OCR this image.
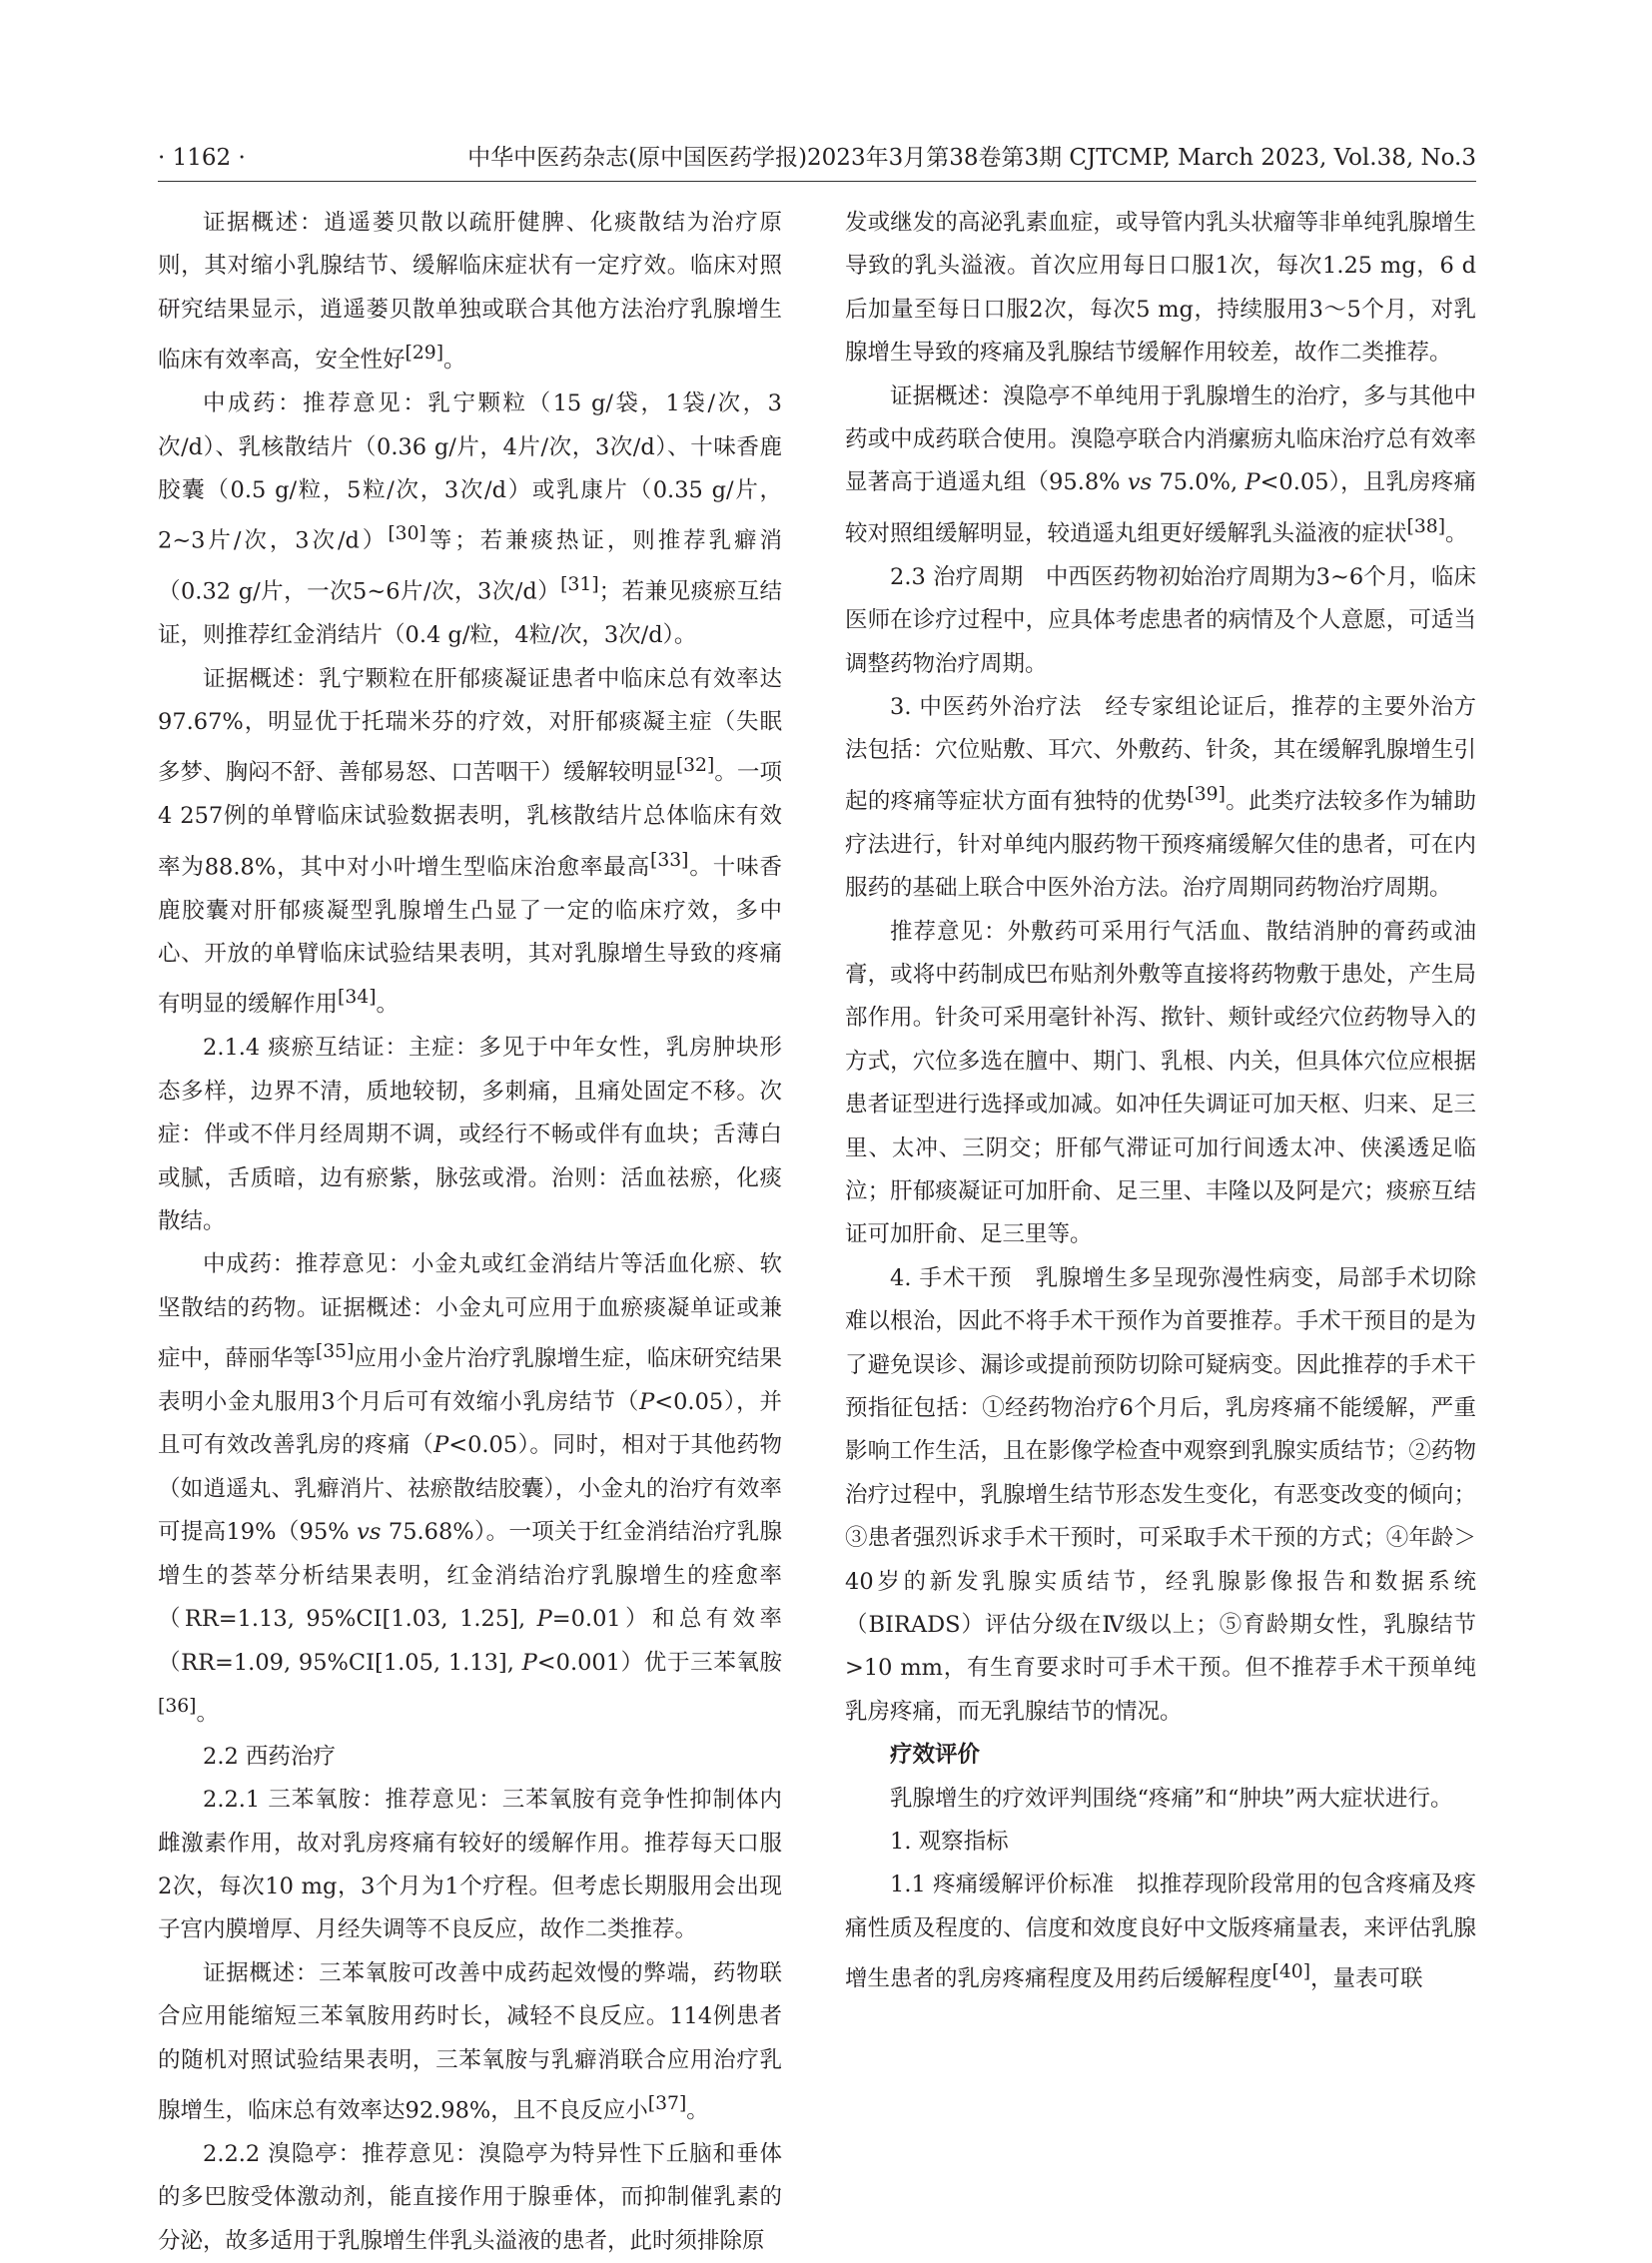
· 1162 ·	中华中医药杂志(原中国医药学报)2023年3月第38卷第3期 CJTCMP, March 2023, Vol.38, No.3

证据概述：逍遥蒌贝散以疏肝健脾、化痰散结为治疗原则，其对缩小乳腺结节、缓解临床症状有一定疗效。临床对照研究结果显示，逍遥蒌贝散单独或联合其他方法治疗乳腺增生临床有效率高，安全性好[29]。

中成药：推荐意见：乳宁颗粒（15 g/袋，1袋/次，3次/d）、乳核散结片（0.36 g/片，4片/次，3次/d）、十味香鹿胶囊（0.5 g/粒，5粒/次，3次/d）或乳康片（0.35 g/片，2~3片/次，3次/d）[30]等；若兼痰热证，则推荐乳癖消（0.32 g/片，一次5~6片/次，3次/d）[31]；若兼见痰瘀互结证，则推荐红金消结片（0.4 g/粒，4粒/次，3次/d）。

证据概述：乳宁颗粒在肝郁痰凝证患者中临床总有效率达97.67%，明显优于托瑞米芬的疗效，对肝郁痰凝主症（失眠多梦、胸闷不舒、善郁易怒、口苦咽干）缓解较明显[32]。一项4 257例的单臂临床试验数据表明，乳核散结片总体临床有效率为88.8%，其中对小叶增生型临床治愈率最高[33]。十味香鹿胶囊对肝郁痰凝型乳腺增生凸显了一定的临床疗效，多中心、开放的单臂临床试验结果表明，其对乳腺增生导致的疼痛有明显的缓解作用[34]。

2.1.4 痰瘀互结证：主症：多见于中年女性，乳房肿块形态多样，边界不清，质地较韧，多刺痛，且痛处固定不移。次症：伴或不伴月经周期不调，或经行不畅或伴有血块；舌薄白或腻，舌质暗，边有瘀紫，脉弦或滑。治则：活血祛瘀，化痰散结。

中成药：推荐意见：小金丸或红金消结片等活血化瘀、软坚散结的药物。证据概述：小金丸可应用于血瘀痰凝单证或兼症中，薛丽华等[35]应用小金片治疗乳腺增生症，临床研究结果表明小金丸服用3个月后可有效缩小乳房结节（P<0.05），并且可有效改善乳房的疼痛（P<0.05）。同时，相对于其他药物（如逍遥丸、乳癖消片、祛瘀散结胶囊），小金丸的治疗有效率可提高19%（95% vs 75.68%）。一项关于红金消结治疗乳腺增生的荟萃分析结果表明，红金消结治疗乳腺增生的痊愈率（RR=1.13, 95%CI[1.03, 1.25], P=0.01）和总有效率（RR=1.09, 95%CI[1.05, 1.13], P<0.001）优于三苯氧胺[36]。

2.2 西药治疗

2.2.1 三苯氧胺：推荐意见：三苯氧胺有竞争性抑制体内雌激素作用，故对乳房疼痛有较好的缓解作用。推荐每天口服 2次，每次10 mg，3个月为1个疗程。但考虑长期服用会出现子宫内膜增厚、月经失调等不良反应，故作二类推荐。

证据概述：三苯氧胺可改善中成药起效慢的弊端，药物联合应用能缩短三苯氧胺用药时长，减轻不良反应。114例患者的随机对照试验结果表明，三苯氧胺与乳癖消联合应用治疗乳腺增生，临床总有效率达92.98%，且不良反应小[37]。

2.2.2 溴隐亭：推荐意见：溴隐亭为特异性下丘脑和垂体的多巴胺受体激动剂，能直接作用于腺垂体，而抑制催乳素的分泌，故多适用于乳腺增生伴乳头溢液的患者，此时须排除原

发或继发的高泌乳素血症，或导管内乳头状瘤等非单纯乳腺增生导致的乳头溢液。首次应用每日口服1次，每次1.25 mg，6 d后加量至每日口服2次，每次5 mg，持续服用3～5个月，对乳腺增生导致的疼痛及乳腺结节缓解作用较差，故作二类推荐。

证据概述：溴隐亭不单纯用于乳腺增生的治疗，多与其他中药或中成药联合使用。溴隐亭联合内消瘰疬丸临床治疗总有效率显著高于逍遥丸组（95.8% vs 75.0%, P<0.05），且乳房疼痛较对照组缓解明显，较逍遥丸组更好缓解乳头溢液的症状[38]。

2.3 治疗周期　中西医药物初始治疗周期为3~6个月，临床医师在诊疗过程中，应具体考虑患者的病情及个人意愿，可适当调整药物治疗周期。

3. 中医药外治疗法　经专家组论证后，推荐的主要外治方法包括：穴位贴敷、耳穴、外敷药、针灸，其在缓解乳腺增生引起的疼痛等症状方面有独特的优势[39]。此类疗法较多作为辅助疗法进行，针对单纯内服药物干预疼痛缓解欠佳的患者，可在内服药的基础上联合中医外治方法。治疗周期同药物治疗周期。

推荐意见：外敷药可采用行气活血、散结消肿的膏药或油膏，或将中药制成巴布贴剂外敷等直接将药物敷于患处，产生局部作用。针灸可采用毫针补泻、揿针、颊针或经穴位药物导入的方式，穴位多选在膻中、期门、乳根、内关，但具体穴位应根据患者证型进行选择或加减。如冲任失调证可加天枢、归来、足三里、太冲、三阴交；肝郁气滞证可加行间透太冲、侠溪透足临泣；肝郁痰凝证可加肝俞、足三里、丰隆以及阿是穴；痰瘀互结证可加肝俞、足三里等。

4. 手术干预　乳腺增生多呈现弥漫性病变，局部手术切除难以根治，因此不将手术干预作为首要推荐。手术干预目的是为了避免误诊、漏诊或提前预防切除可疑病变。因此推荐的手术干预指征包括：①经药物治疗6个月后，乳房疼痛不能缓解，严重影响工作生活，且在影像学检查中观察到乳腺实质结节；②药物治疗过程中，乳腺增生结节形态发生变化，有恶变改变的倾向；③患者强烈诉求手术干预时，可采取手术干预的方式；④年龄＞40岁的新发乳腺实质结节，经乳腺影像报告和数据系统（BIRADS）评估分级在Ⅳ级以上；⑤育龄期女性，乳腺结节>10 mm，有生育要求时可手术干预。但不推荐手术干预单纯乳房疼痛，而无乳腺结节的情况。

疗效评价

乳腺增生的疗效评判围绕“疼痛”和“肿块”两大症状进行。

1. 观察指标

1.1 疼痛缓解评价标准　拟推荐现阶段常用的包含疼痛及疼痛性质及程度的、信度和效度良好中文版疼痛量表，来评估乳腺增生患者的乳房疼痛程度及用药后缓解程度[40]，量表可联
